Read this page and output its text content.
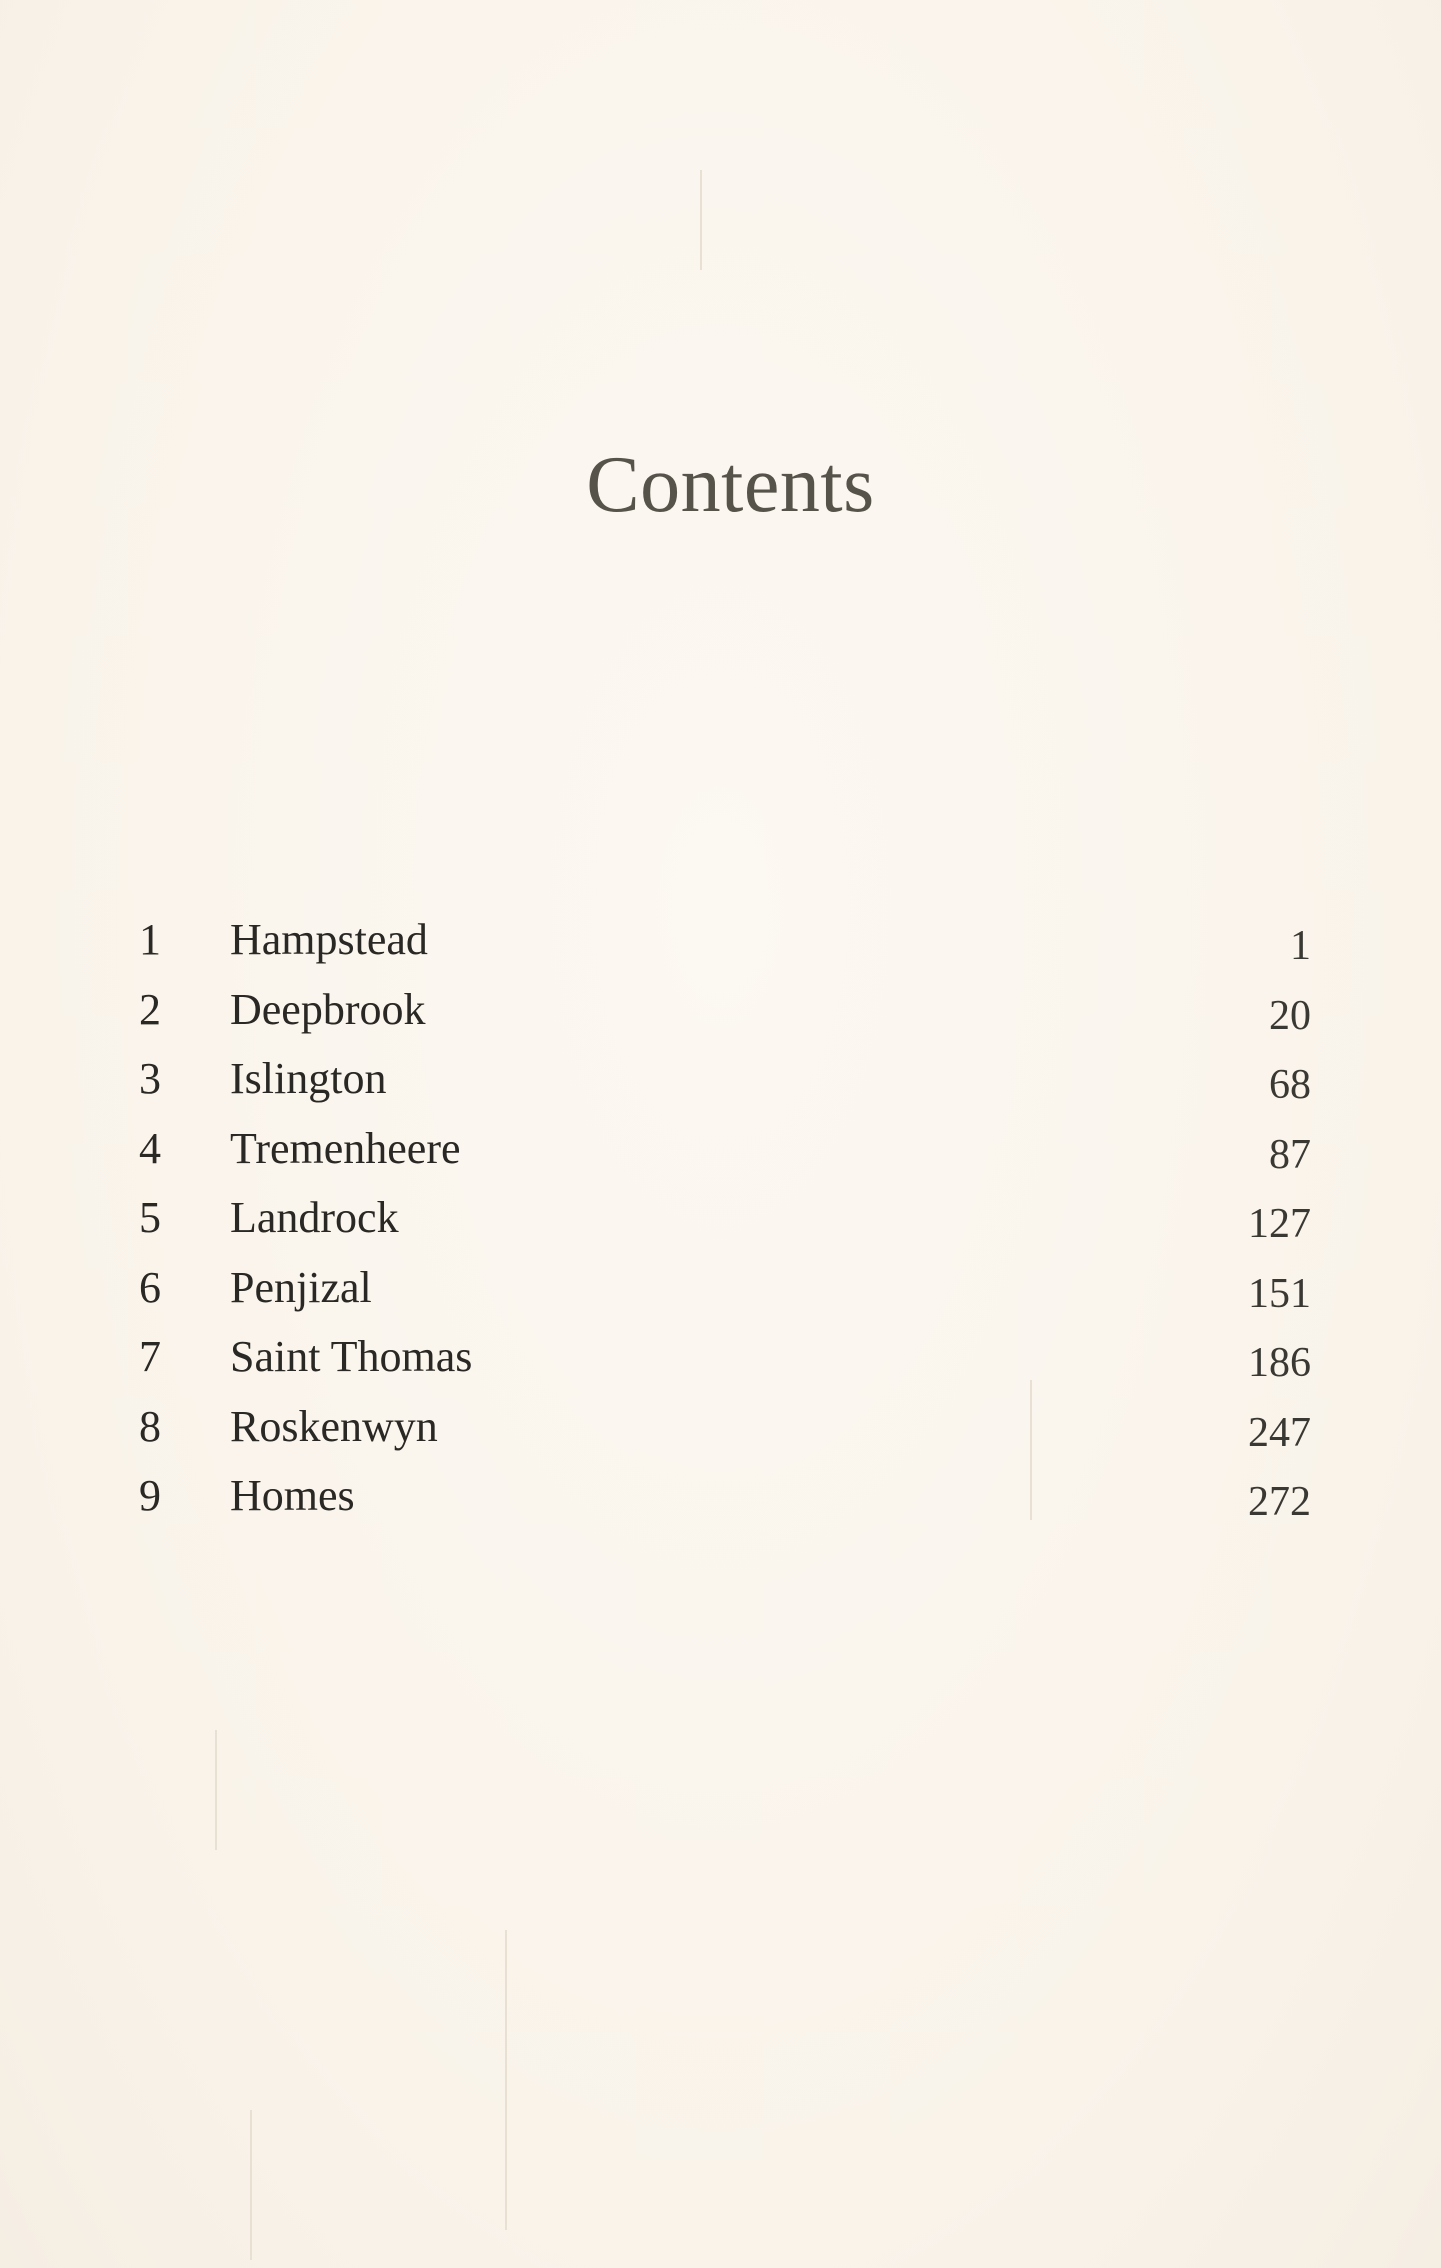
Contents
1	Hampstead	1
2	Deepbrook	20
3	Islington	68
4	Tremenheere	87
5	Landrock	127
6	Penjizal	151
7	Saint Thomas	186
8	Roskenwyn	247
9	Homes	272
